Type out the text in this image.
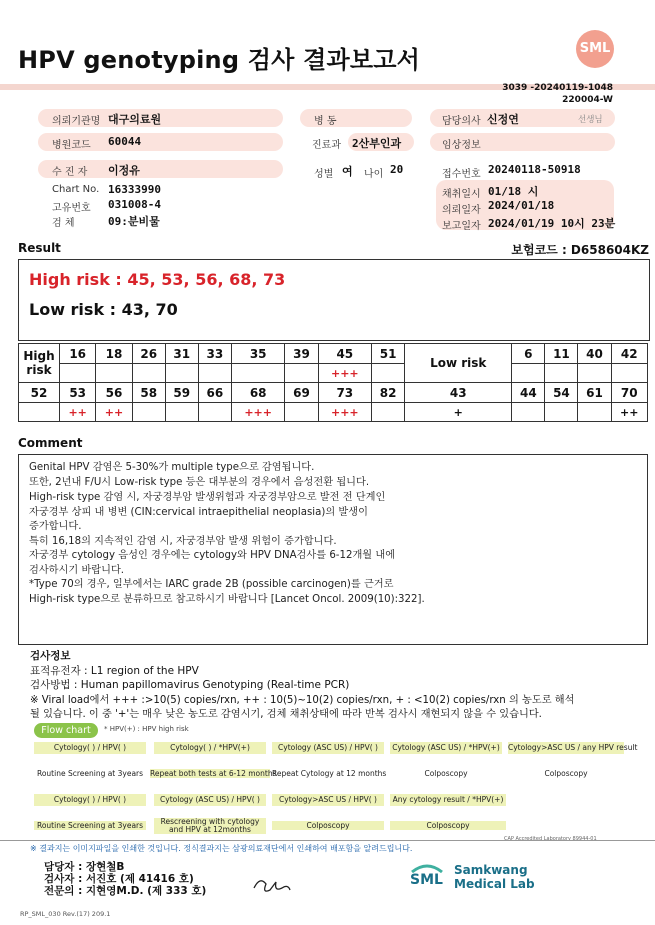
HPV genotyping 검사 결과보고서	SML
3039 -20240119-1048
220004-W
의뢰기관명 대구의료원	병 동	담당의사 신정연	선생님
병원코드 60044	진료과 2산부인과	임상정보
수 진 자 이정유	성별 여 나이 20	접수번호 20240118-50918
Chart No. 16333990
고유번호 031008-4
검 체	09:분비물
채취일시 01/18 시
의뢰일자 2024/01/18
보고일자 2024/01/19 10시 23분
Result	보험코드 : D658604KZ
High risk : 45, 53, 56, 68, 73
Low risk : 43, 70
High risk	16	18	26	31	33	35	39	45	51	Low risk	6	11	40	42
								+++						
52	53	56	58	59	66	68	69	73	82	43	44	54	61	70
	++	++				+++		+++		+				++
Comment
Genital HPV 감염은 5-30%가 multiple type으로 감염됩니다.
또한, 2년내 F/U시 Low-risk type 등은 대부분의 경우에서 음성전환 됩니다.
High-risk type 감염 시, 자궁경부암 발생위험과 자궁경부암으로 발전 전 단계인
자궁경부 상피 내 병변 (CIN:cervical intraepithelial neoplasia)의 발생이
증가합니다.
특히 16,18의 지속적인 감염 시, 자궁경부암 발생 위험이 증가합니다.
자궁경부 cytology 음성인 경우에는 cytology와 HPV DNA검사를 6-12개월 내에
검사하시기 바랍니다.
*Type 70의 경우, 일부에서는 IARC grade 2B (possible carcinogen)를 근거로
High-risk type으로 분류하므로 참고하시기 바랍니다 [Lancet Oncol. 2009(10):322].
검사정보
표적유전자 : L1 region of the HPV
검사방법 : Human papillomavirus Genotyping (Real-time PCR)
※ Viral load에서 +++ :>10(5) copies/rxn, ++ : 10(5)~10(2) copies/rxn, + : <10(2) copies/rxn 의 농도로 해석
될 있습니다. 이 중 '+'는 매우 낮은 농도로 감염시기, 검체 채취상태에 따라 반복 검사시 재현되지 않을 수 있습니다.
Flow chart	* HPV(+) : HPV high risk
Cytology( ) / HPV( )	Cytology( ) / *HPV(+)	Cytology (ASC US) / HPV( )	Cytology (ASC US) / *HPV(+) Cytology>ASC US / any HPV result
Routine Screening at 3years Repeat both tests at 6-12 months
Repeat Cytology at 12 months	Colposcopy	Colposcopy
Cytology( ) / HPV( )	Cytology (ASC US) / HPV( )	Cytology>ASC US / HPV( )	Any cytology result / *HPV(+)
Routine Screening at 3years	Rescreening with cytology and HPV at 12months	Colposcopy	Colposcopy
CAP Accredited Laboratory 89944-01
※ 결과지는 이미지파일을 인쇄한 것입니다. 정식결과지는 삼광의료재단에서 인쇄하여 배포함을 알려드립니다.
담당자 : 장현철B
검사자 : 서진호 (제 41416 호)
전문의 : 지현영M.D. (제 333 호)
SML
Samkwang
Medical Lab
RP_SML_030 Rev.(17) 209.1
